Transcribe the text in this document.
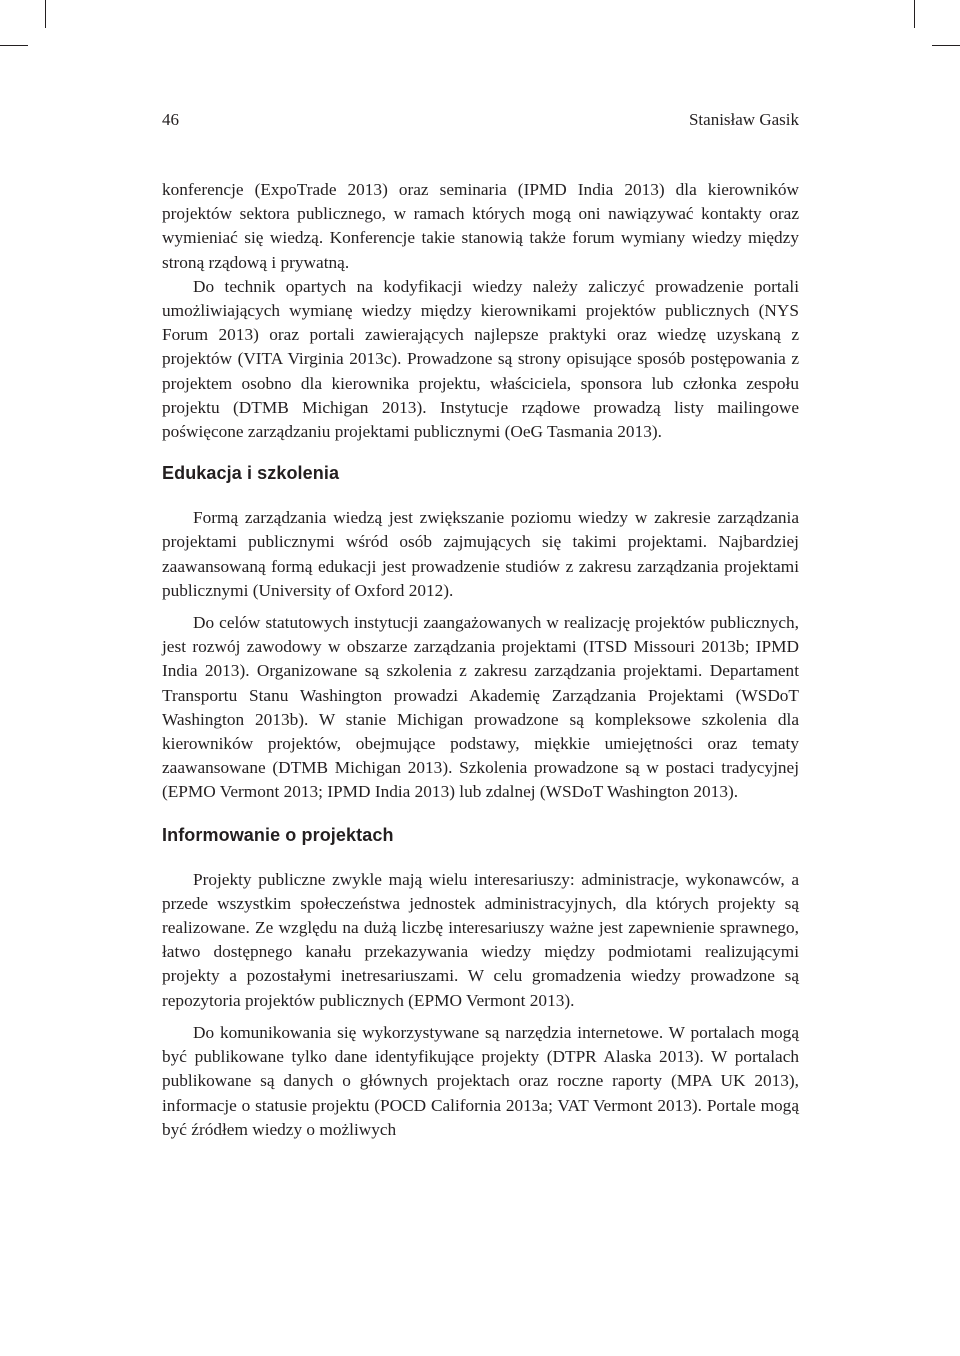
46	Stanisław Gasik

konferencje (ExpoTrade 2013) oraz seminaria (IPMD India 2013) dla kierowników projektów sektora publicznego, w ramach których mogą oni nawiązywać kontakty oraz wymieniać się wiedzą. Konferencje takie stanowią także forum wymiany wiedzy między stroną rządową i prywatną.

Do technik opartych na kodyfikacji wiedzy należy zaliczyć prowadzenie portali umożliwiających wymianę wiedzy między kierownikami projektów publicznych (NYS Forum 2013) oraz portali zawierających najlepsze praktyki oraz wiedzę uzyskaną z projektów (VITA Virginia 2013c). Prowadzone są strony opisujące sposób postępowania z projektem osobno dla kierownika projektu, właściciela, sponsora lub członka zespołu projektu (DTMB Michigan 2013). Instytucje rządowe prowadzą listy mailingowe poświęcone zarządzaniu projektami publicznymi (OeG Tasmania 2013).

Edukacja i szkolenia

Formą zarządzania wiedzą jest zwiększanie poziomu wiedzy w zakresie zarządzania projektami publicznymi wśród osób zajmujących się takimi projektami. Najbardziej zaawansowaną formą edukacji jest prowadzenie studiów z zakresu zarządzania projektami publicznymi (University of Oxford 2012).

Do celów statutowych instytucji zaangażowanych w realizację projektów publicznych, jest rozwój zawodowy w obszarze zarządzania projektami (ITSD Missouri 2013b; IPMD India 2013). Organizowane są szkolenia z zakresu zarządzania projektami. Departament Transportu Stanu Washington prowadzi Akademię Zarządzania Projektami (WSDoT Washington 2013b). W stanie Michigan prowadzone są kompleksowe szkolenia dla kierowników projektów, obejmujące podstawy, miękkie umiejętności oraz tematy zaawansowane (DTMB Michigan 2013). Szkolenia prowadzone są w postaci tradycyjnej (EPMO Vermont 2013; IPMD India 2013) lub zdalnej (WSDoT Washington 2013).

Informowanie o projektach

Projekty publiczne zwykle mają wielu interesariuszy: administracje, wykonawców, a przede wszystkim społeczeństwa jednostek administracyjnych, dla których projekty są realizowane. Ze względu na dużą liczbę interesariuszy ważne jest zapewnienie sprawnego, łatwo dostępnego kanału przekazywania wiedzy między podmiotami realizującymi projekty a pozostałymi inetresariuszami. W celu gromadzenia wiedzy prowadzone są repozytoria projektów publicznych (EPMO Vermont 2013).

Do komunikowania się wykorzystywane są narzędzia internetowe. W portalach mogą być publikowane tylko dane identyfikujące projekty (DTPR Alaska 2013). W portalach publikowane są danych o głównych projektach oraz roczne raporty (MPA UK 2013), informacje o statusie projektu (POCD California 2013a; VAT Vermont 2013). Portale mogą być źródłem wiedzy o możliwych
